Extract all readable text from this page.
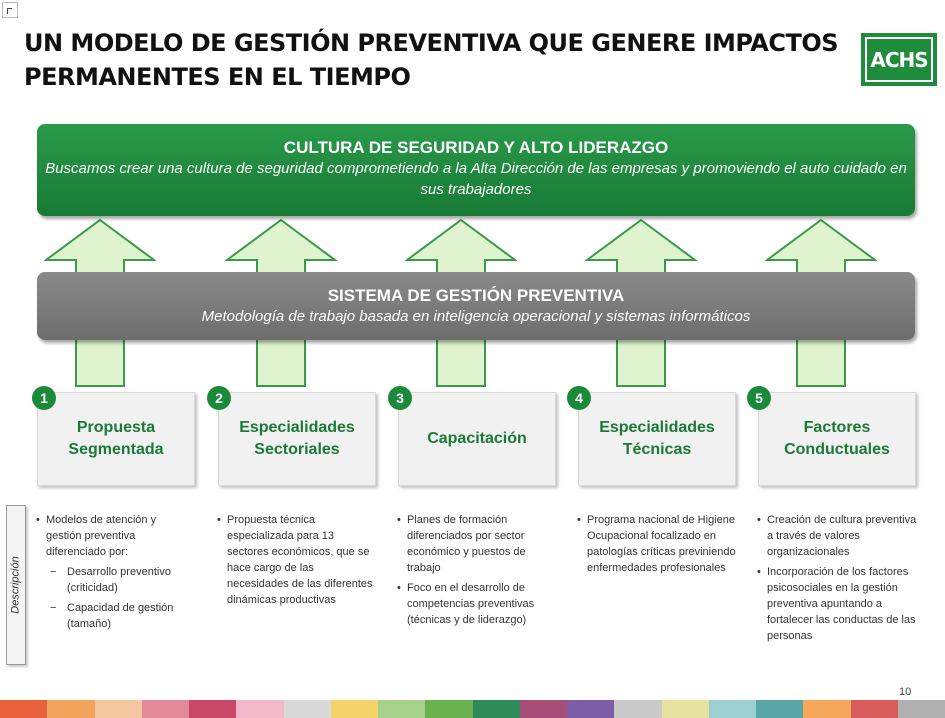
UN MODELO DE GESTIÓN PREVENTIVA QUE GENERE IMPACTOS PERMANENTES EN EL TIEMPO
ACHS
CULTURA DE SEGURIDAD Y ALTO LIDERAZGO

Buscamos crear una cultura de seguridad comprometiendo a la Alta Dirección de las empresas y promoviendo el auto cuidado en sus trabajadores

SISTEMA DE GESTIÓN PREVENTIVA

Metodología de trabajo basada en inteligencia operacional y sistemas informáticos

Propuesta Segmentada
1
Especialidades Sectoriales
2
Capacitación
3
Especialidades Técnicas
4
Factores Conductuales
5
Descripción
• Modelos de atención y gestión preventiva diferenciado por:
− Desarrollo preventivo (criticidad)
− Capacidad de gestión (tamaño)
• Propuesta técnica especializada para 13 sectores económicos, que se hace cargo de las necesidades de las diferentes dinámicas productivas
• Planes de formación diferenciados por sector económico y puestos de trabajo
• Foco en el desarrollo de competencias preventivas (técnicas y de liderazgo)
• Programa nacional de Higiene Ocupacional focalizado en patologías críticas previniendo enfermedades profesionales
• Creación de cultura preventiva a través de valores organizacionales
• Incorporación de los factores psicosociales en la gestión preventiva apuntando a fortalecer las conductas de las personas
10
